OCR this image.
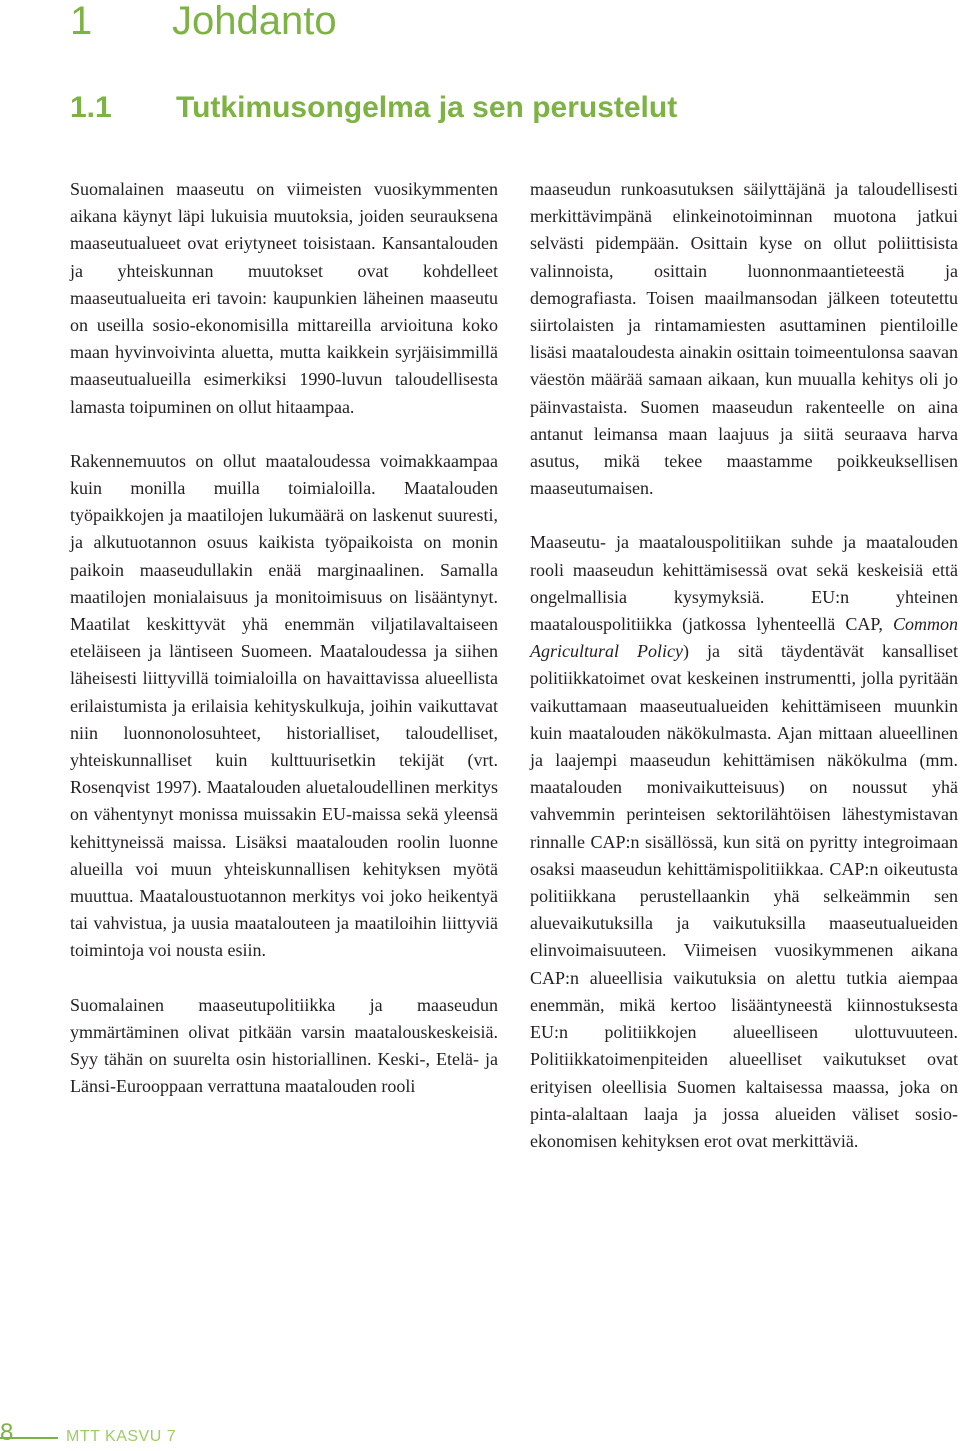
1 Johdanto
1.1 Tutkimusongelma ja sen perustelut

Suomalainen maaseutu on viimeisten vuosikymmenten aikana käynyt läpi lukuisia muutoksia, joiden seurauksena maaseutualueet ovat eriytyneet toisistaan. Kansantalouden ja yhteiskunnan muutokset ovat kohdelleet maaseutualueita eri tavoin: kaupunkien läheinen maaseutu on useilla sosio-ekonomisilla mittareilla arvioituna koko maan hyvinvoivinta aluetta, mutta kaikkein syrjäisimmillä maaseutualueilla esimerkiksi 1990-luvun taloudellisesta lamasta toipuminen on ollut hitaampaa.

Rakennemuutos on ollut maataloudessa voimakkaampaa kuin monilla muilla toimialoilla. Maatalouden työpaikkojen ja maatilojen lukumäärä on laskenut suuresti, ja alkutuotannon osuus kaikista työpaikoista on monin paikoin maaseudullakin enää marginaalinen. Samalla maatilojen monialaisuus ja monitoimisuus on lisääntynyt. Maatilat keskittyvät yhä enemmän viljatilavaltaiseen eteläiseen ja läntiseen Suomeen. Maataloudessa ja siihen läheisesti liittyvillä toimialoilla on havaittavissa alueellista erilaistumista ja erilaisia kehityskulkuja, joihin vaikuttavat niin luonnonolosuhteet, historialliset, taloudelliset, yhteiskunnalliset kuin kulttuurisetkin tekijät (vrt. Rosenqvist 1997). Maatalouden aluetaloudellinen merkitys on vähentynyt monissa muissakin EU-maissa sekä yleensä kehittyneissä maissa. Lisäksi maatalouden roolin luonne alueilla voi muun yhteiskunnallisen kehityksen myötä muuttua. Maataloustuotannon merkitys voi joko heikentyä tai vahvistua, ja uusia maatalouteen ja maatiloihin liittyviä toimintoja voi nousta esiin.

Suomalainen maaseutupolitiikka ja maaseudun ymmärtäminen olivat pitkään varsin maatalouskeskeisiä. Syy tähän on suurelta osin historiallinen. Keski-, Etelä- ja Länsi-Eurooppaan verrattuna maatalouden rooli

maaseudun runkoasutuksen säilyttäjänä ja taloudellisesti merkittävimpänä elinkeinotoiminnan muotona jatkui selvästi pidempään. Osittain kyse on ollut poliittisista valinnoista, osittain luonnonmaantieteestä ja demografiasta. Toisen maailmansodan jälkeen toteutettu siirtolaisten ja rintamamiesten asuttaminen pientiloille lisäsi maataloudesta ainakin osittain toimeentulonsa saavan väestön määrää samaan aikaan, kun muualla kehitys oli jo päinvastaista. Suomen maaseudun rakenteelle on aina antanut leimansa maan laajuus ja siitä seuraava harva asutus, mikä tekee maastamme poikkeuksellisen maaseutumaisen.

Maaseutu- ja maatalouspolitiikan suhde ja maatalouden rooli maaseudun kehittämisessä ovat sekä keskeisiä että ongelmallisia kysymyksiä. EU:n yhteinen maatalouspolitiikka (jatkossa lyhenteellä CAP, Common Agricultural Policy) ja sitä täydentävät kansalliset politiikkatoimet ovat keskeinen instrumentti, jolla pyritään vaikuttamaan maaseutualueiden kehittämiseen muunkin kuin maatalouden näkökulmasta. Ajan mittaan alueellinen ja laajempi maaseudun kehittämisen näkökulma (mm. maatalouden monivaikutteisuus) on noussut yhä vahvemmin perinteisen sektorilähtöisen lähestymistavan rinnalle CAP:n sisällössä, kun sitä on pyritty integroimaan osaksi maaseudun kehittämispolitiikkaa. CAP:n oikeutusta politiikkana perustellaankin yhä selkeämmin sen aluevaikutuksilla ja vaikutuksilla maaseutualueiden elinvoimaisuuteen. Viimeisen vuosikymmenen aikana CAP:n alueellisia vaikutuksia on alettu tutkia aiempaa enemmän, mikä kertoo lisääntyneestä kiinnostuksesta EU:n politiikkojen alueelliseen ulottuvuuteen. Politiikkatoimenpiteiden alueelliset vaikutukset ovat erityisen oleellisia Suomen kaltaisessa maassa, joka on pinta-alaltaan laaja ja jossa alueiden väliset sosio-ekonomisen kehityksen erot ovat merkittäviä.

8	MTT KASVU 7
